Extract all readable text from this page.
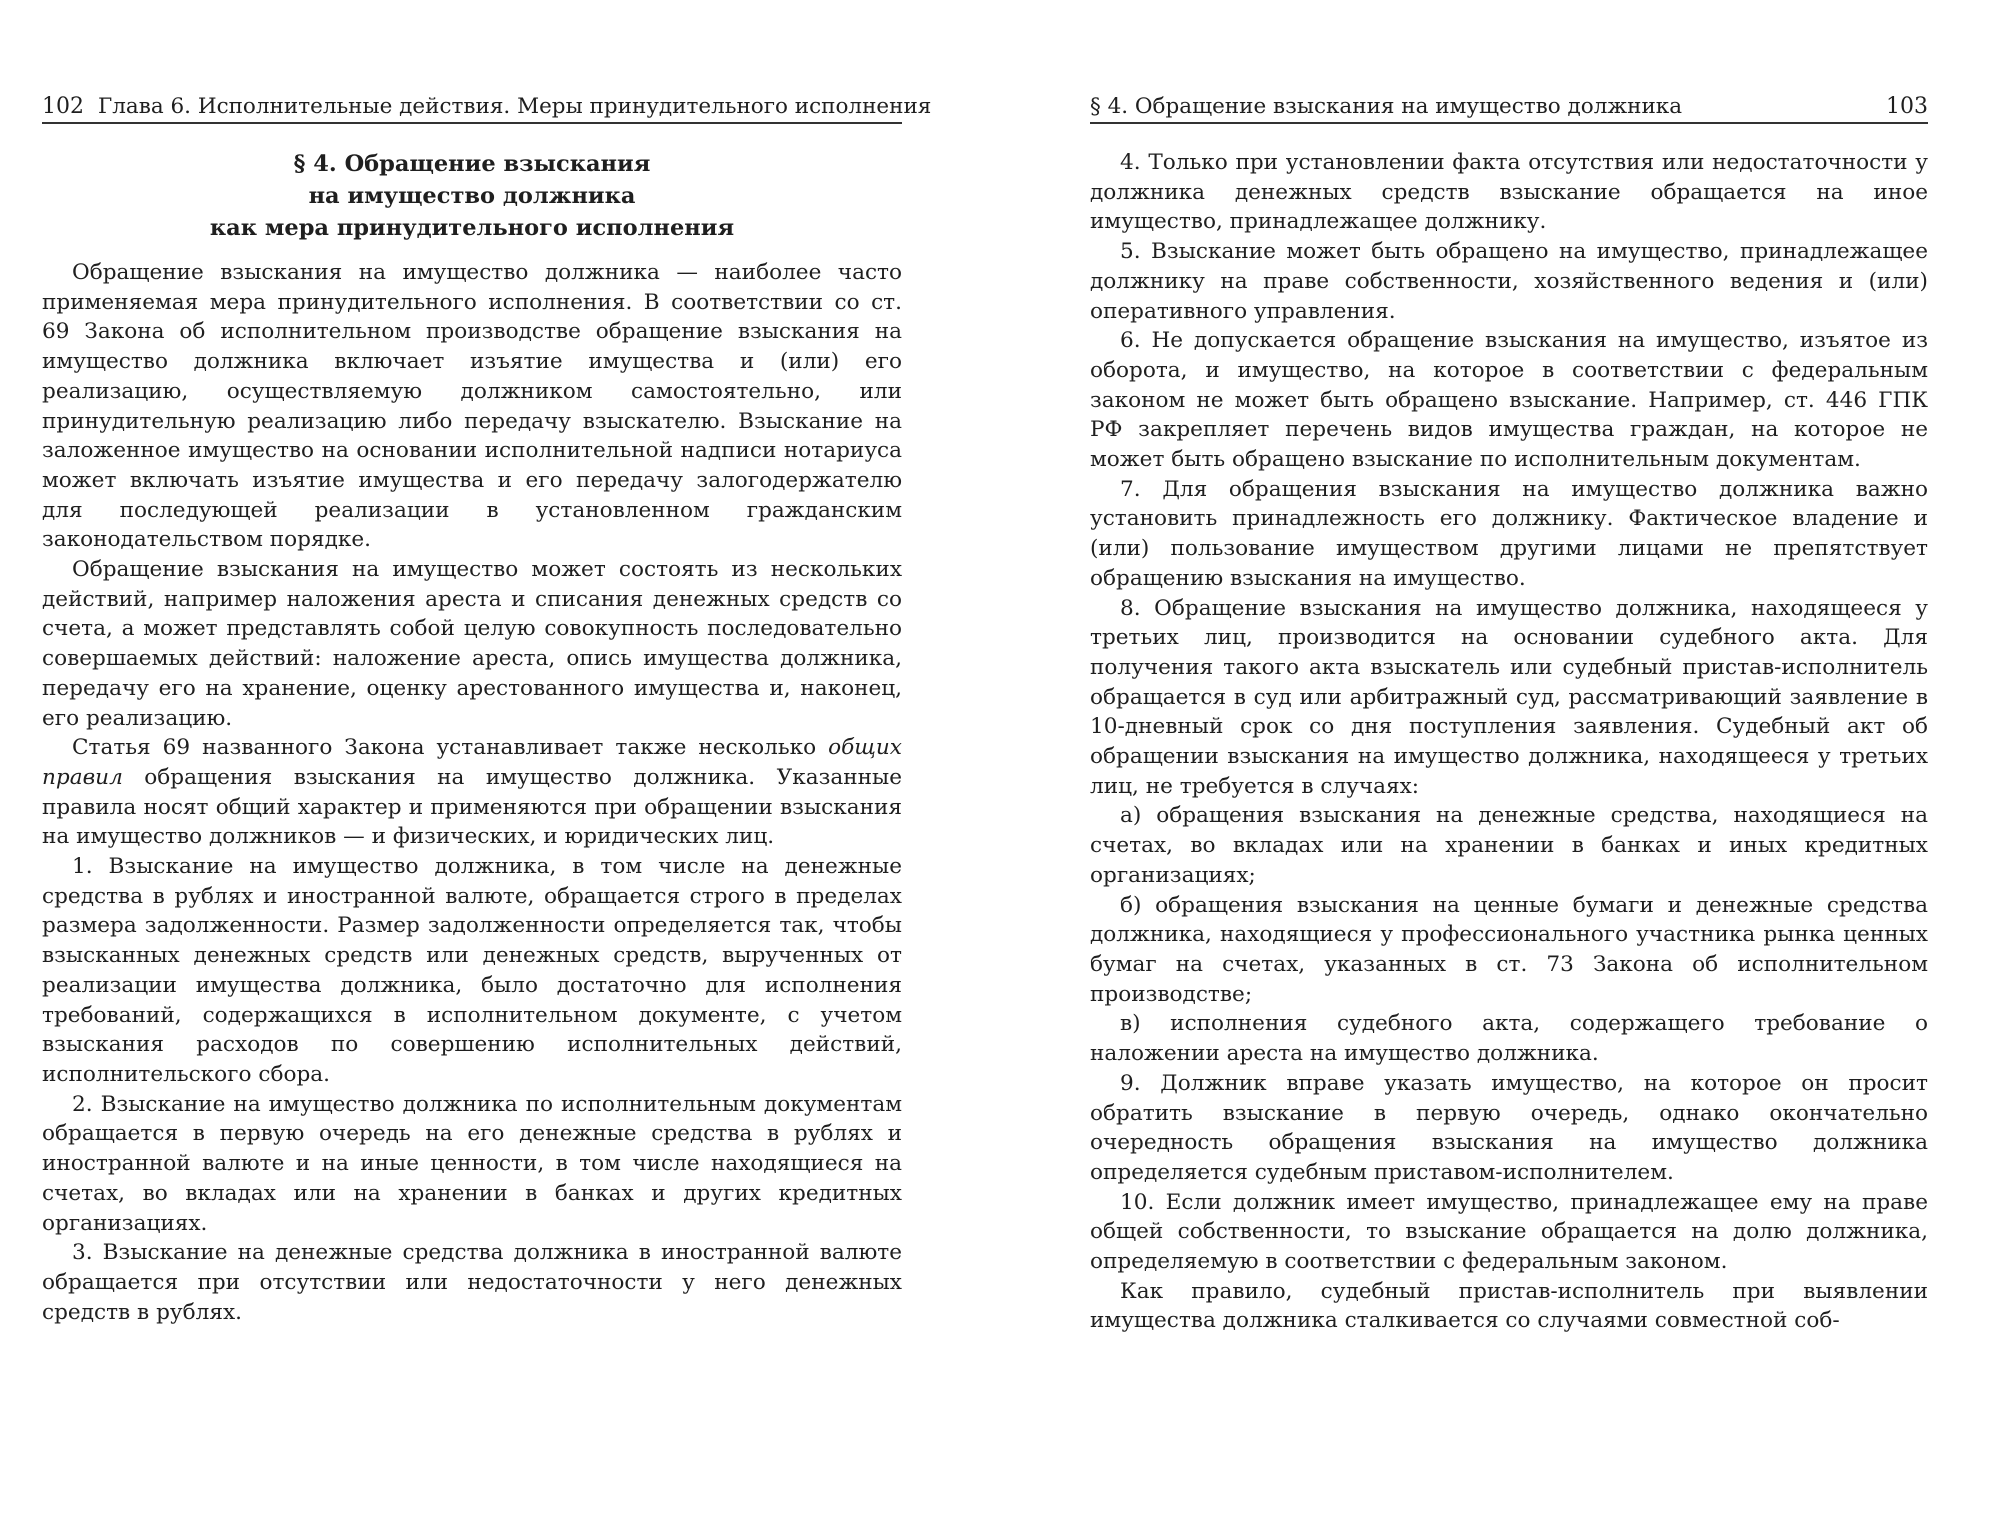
102 Глава 6. Исполнительные действия. Меры принудительного исполнения
§ 4. Обращение взыскания
на имущество должника
как мера принудительного исполнения

Обращение взыскания на имущество должника — наиболее часто применяемая мера принудительного исполнения. В соответствии со ст. 69 Закона об исполнительном производстве обращение взыскания на имущество должника включает изъятие имущества и (или) его реализацию, осуществляемую должником самостоятельно, или принудительную реализацию либо передачу взыскателю. Взыскание на заложенное имущество на основании исполнительной надписи нотариуса может включать изъятие имущества и его передачу залогодержателю для последующей реализации в установленном гражданским законодательством порядке.

Обращение взыскания на имущество может состоять из нескольких действий, например наложения ареста и списания денежных средств со счета, а может представлять собой целую совокупность последовательно совершаемых действий: наложение ареста, опись имущества должника, передачу его на хранение, оценку арестованного имущества и, наконец, его реализацию.

Статья 69 названного Закона устанавливает также несколько общих правил обращения взыскания на имущество должника. Указанные правила носят общий характер и применяются при обращении взыскания на имущество должников — и физических, и юридических лиц.

1. Взыскание на имущество должника, в том числе на денежные средства в рублях и иностранной валюте, обращается строго в пределах размера задолженности. Размер задолженности определяется так, чтобы взысканных денежных средств или денежных средств, вырученных от реализации имущества должника, было достаточно для исполнения требований, содержащихся в исполнительном документе, с учетом взыскания расходов по совершению исполнительных действий, исполнительского сбора.

2. Взыскание на имущество должника по исполнительным документам обращается в первую очередь на его денежные средства в рублях и иностранной валюте и на иные ценности, в том числе находящиеся на счетах, во вкладах или на хранении в банках и других кредитных организациях.

3. Взыскание на денежные средства должника в иностранной валюте обращается при отсутствии или недостаточности у него денежных средств в рублях.

§ 4. Обращение взыскания на имущество должника	103

4. Только при установлении факта отсутствия или недостаточности у должника денежных средств взыскание обращается на иное имущество, принадлежащее должнику.

5. Взыскание может быть обращено на имущество, принадлежащее должнику на праве собственности, хозяйственного ведения и (или) оперативного управления.

6. Не допускается обращение взыскания на имущество, изъятое из оборота, и имущество, на которое в соответствии с федеральным законом не может быть обращено взыскание. Например, ст. 446 ГПК РФ закрепляет перечень видов имущества граждан, на которое не может быть обращено взыскание по исполнительным документам.

7. Для обращения взыскания на имущество должника важно установить принадлежность его должнику. Фактическое владение и (или) пользование имуществом другими лицами не препятствует обращению взыскания на имущество.

8. Обращение взыскания на имущество должника, находящееся у третьих лиц, производится на основании судебного акта. Для получения такого акта взыскатель или судебный пристав-исполнитель обращается в суд или арбитражный суд, рассматривающий заявление в 10-дневный срок со дня поступления заявления. Судебный акт об обращении взыскания на имущество должника, находящееся у третьих лиц, не требуется в случаях:

а) обращения взыскания на денежные средства, находящиеся на счетах, во вкладах или на хранении в банках и иных кредитных организациях;

б) обращения взыскания на ценные бумаги и денежные средства должника, находящиеся у профессионального участника рынка ценных бумаг на счетах, указанных в ст. 73 Закона об исполнительном производстве;

в) исполнения судебного акта, содержащего требование о наложении ареста на имущество должника.

9. Должник вправе указать имущество, на которое он просит обратить взыскание в первую очередь, однако окончательно очередность обращения взыскания на имущество должника определяется судебным приставом-исполнителем.

10. Если должник имеет имущество, принадлежащее ему на праве общей собственности, то взыскание обращается на долю должника, определяемую в соответствии с федеральным законом.

Как правило, судебный пристав-исполнитель при выявлении имущества должника сталкивается со случаями совместной соб-
